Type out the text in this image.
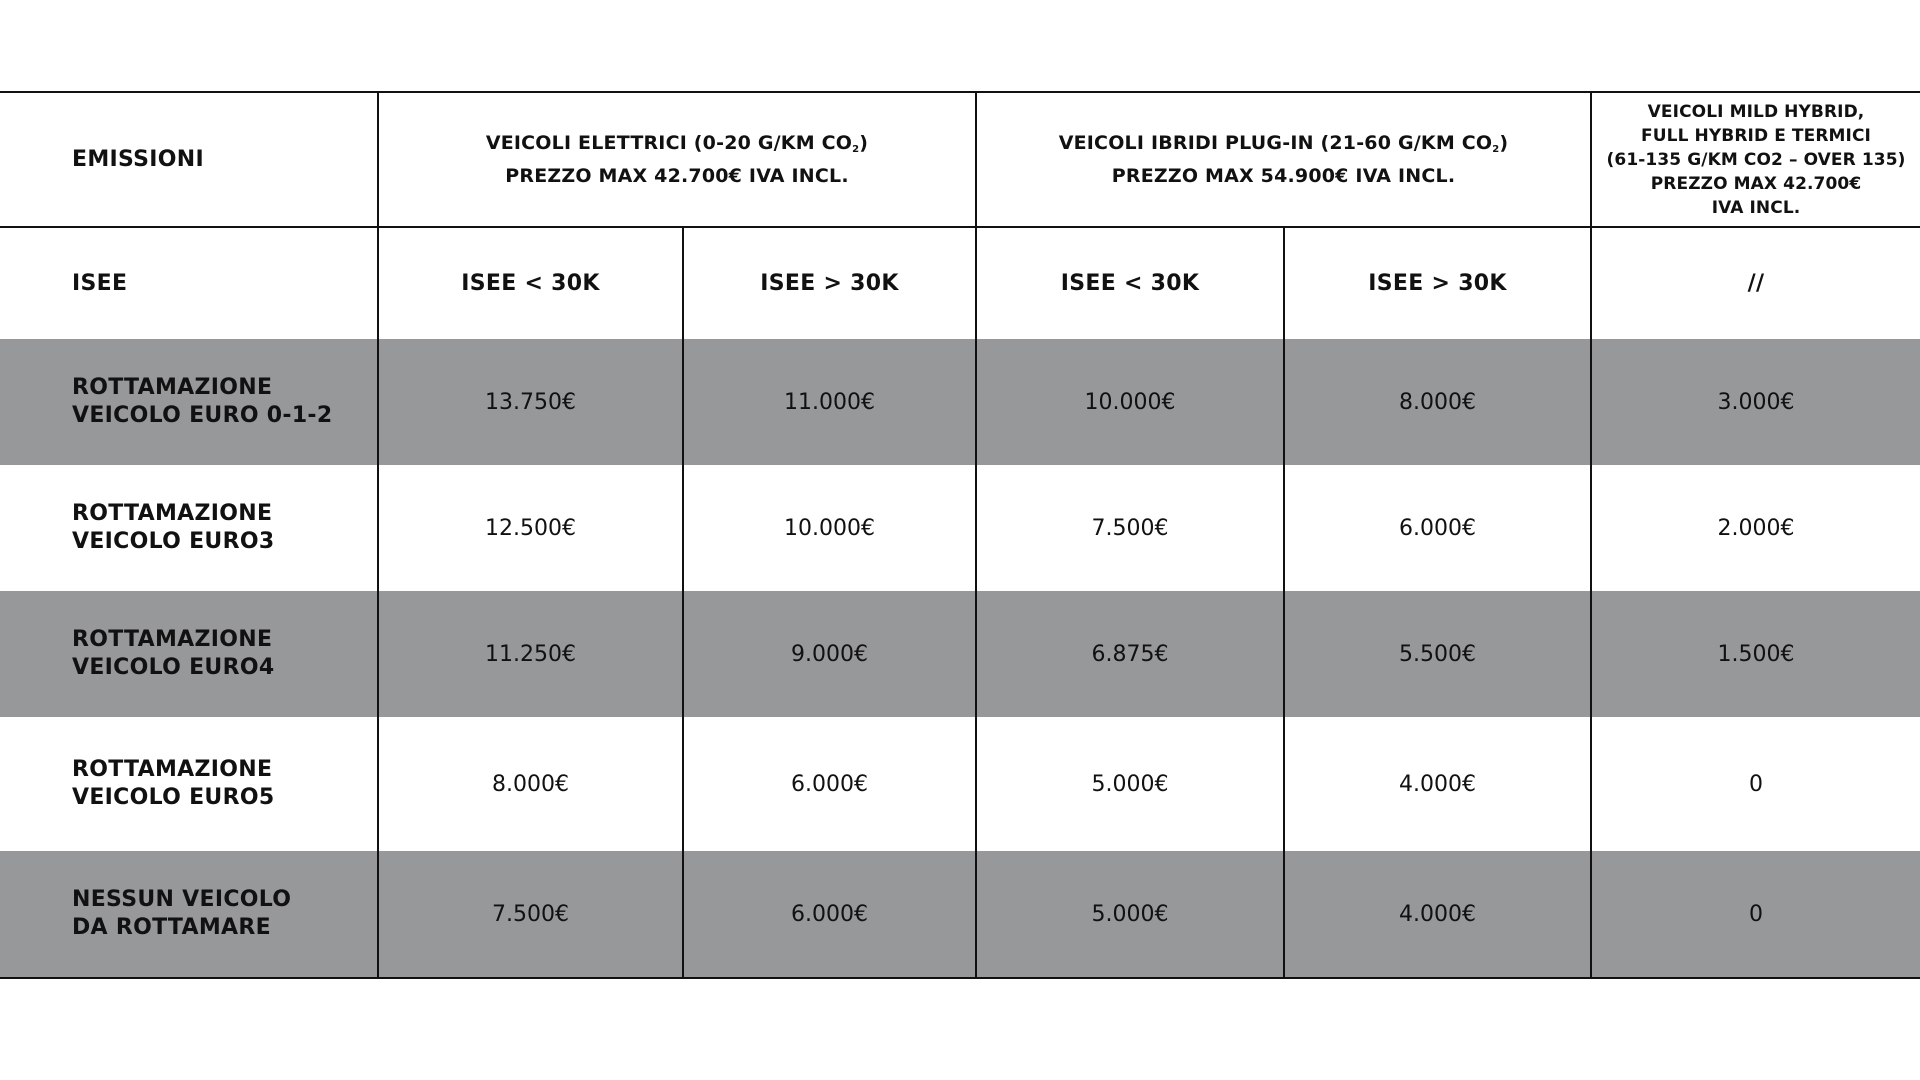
EMISSIONI	VEICOLI ELETTRICI (0-20 G/KM $CO_2$)
PREZZO MAX 42.700€ IVA INCL.		VEICOLI IBRIDI PLUG-IN (21-60 G/KM $CO_2$)
PREZZO MAX 54.900€ IVA INCL.		VEICOLI MILD HYBRID,
FULL HYBRID E TERMICI
(61-135 G/KM CO2 – OVER 135)
PREZZO MAX 42.700€
IVA INCL.

ISEE	ISEE < 30K	ISEE > 30K	ISEE < 30K	ISEE > 30K	//

ROTTAMAZIONE
VEICOLO EURO 0-1-2	13.750€	11.000€	10.000€	8.000€	3.000€

ROTTAMAZIONE
VEICOLO EURO3	12.500€	10.000€	7.500€	6.000€	2.000€

ROTTAMAZIONE
VEICOLO EURO4	11.250€	9.000€	6.875€	5.500€	1.500€

ROTTAMAZIONE
VEICOLO EURO5	8.000€	6.000€	5.000€	4.000€	0

NESSUN VEICOLO
DA ROTTAMARE	7.500€	6.000€	5.000€	4.000€	0
